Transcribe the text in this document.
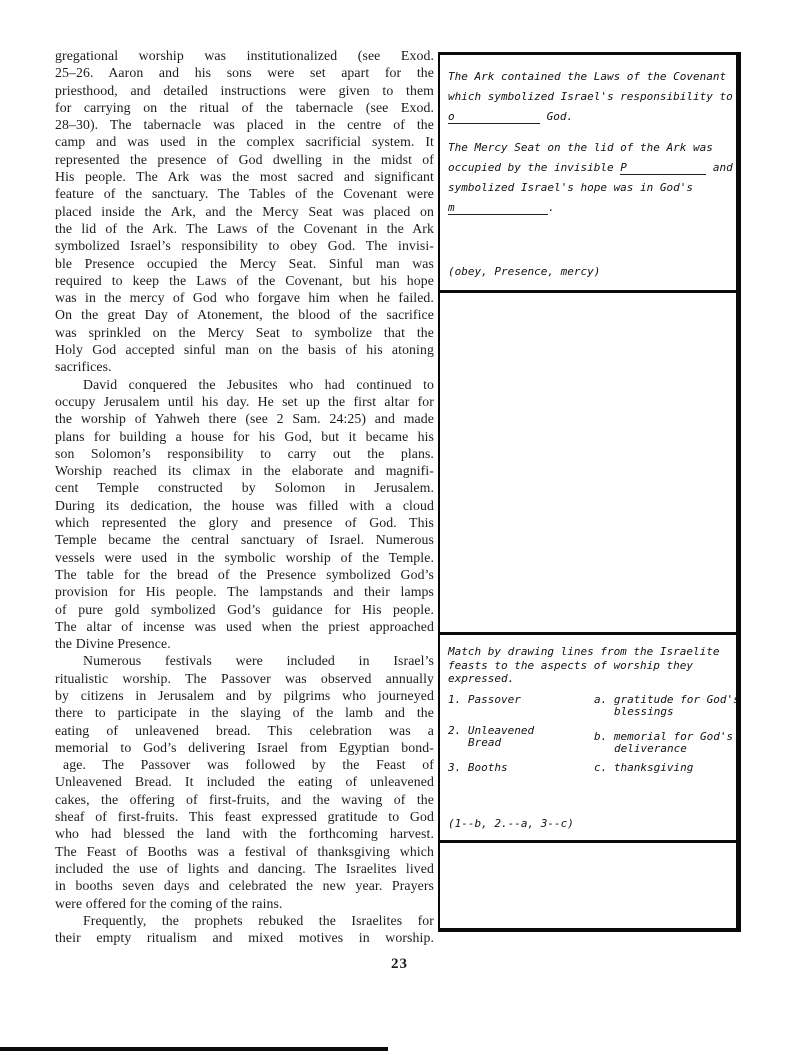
gregational worship was institutionalized (see Exod.
25–26. Aaron and his sons were set apart for the
priesthood, and detailed instructions were given to them
for carrying on the ritual of the tabernacle (see Exod.
28–30). The tabernacle was placed in the centre of the
camp and was used in the complex sacrificial system. It
represented the presence of God dwelling in the midst of
His people. The Ark was the most sacred and significant
feature of the sanctuary. The Tables of the Covenant were
placed inside the Ark, and the Mercy Seat was placed on
the lid of the Ark. The Laws of the Covenant in the Ark
symbolized Israel’s responsibility to obey God. The invisi-
ble Presence occupied the Mercy Seat. Sinful man was
required to keep the Laws of the Covenant, but his hope
was in the mercy of God who forgave him when he failed.
On the great Day of Atonement, the blood of the sacrifice
was sprinkled on the Mercy Seat to symbolize that the
Holy God accepted sinful man on the basis of his atoning
sacrifices.
David conquered the Jebusites who had continued to
occupy Jerusalem until his day. He set up the first altar for
the worship of Yahweh there (see 2 Sam. 24:25) and made
plans for building a house for his God, but it became his
son Solomon’s responsibility to carry out the plans.
Worship reached its climax in the elaborate and magnifi-
cent Temple constructed by Solomon in Jerusalem.
During its dedication, the house was filled with a cloud
which represented the glory and presence of God. This
Temple became the central sanctuary of Israel. Numerous
vessels were used in the symbolic worship of the Temple.
The table for the bread of the Presence symbolized God’s
provision for His people. The lampstands and their lamps
of pure gold symbolized God’s guidance for His people.
The altar of incense was used when the priest approached
the Divine Presence.
Numerous festivals were included in Israel’s
ritualistic worship. The Passover was observed annually
by citizens in Jerusalem and by pilgrims who journeyed
there to participate in the slaying of the lamb and the
eating of unleavened bread. This celebration was a
memorial to God’s delivering Israel from Egyptian bond-
age. The Passover was followed by the Feast of
Unleavened Bread. It included the eating of unleavened
cakes, the offering of first-fruits, and the waving of the
sheaf of first-fruits. This feast expressed gratitude to God
who had blessed the land with the forthcoming harvest.
The Feast of Booths was a festival of thanksgiving which
included the use of lights and dancing. The Israelites lived
in booths seven days and celebrated the new year. Prayers
were offered for the coming of the rains.
Frequently, the prophets rebuked the Israelites for
their empty ritualism and mixed motives in worship.
The Ark contained the Laws of the Covenant
which symbolized Israel's responsibility to
o	God.
The Mercy Seat on the lid of the Ark was
occupied by the invisible P	and
symbolized Israel's hope was in God's
m	.
(obey, Presence, mercy)
Match by drawing lines from the Israelite
feasts to the aspects of worship they
expressed.
1. Passover	a. gratitude for God's
blessings
2. Unleavened
Bread	b. memorial for God's
deliverance
3. Booths	c. thanksgiving
(1--b, 2.--a, 3--c)
23
